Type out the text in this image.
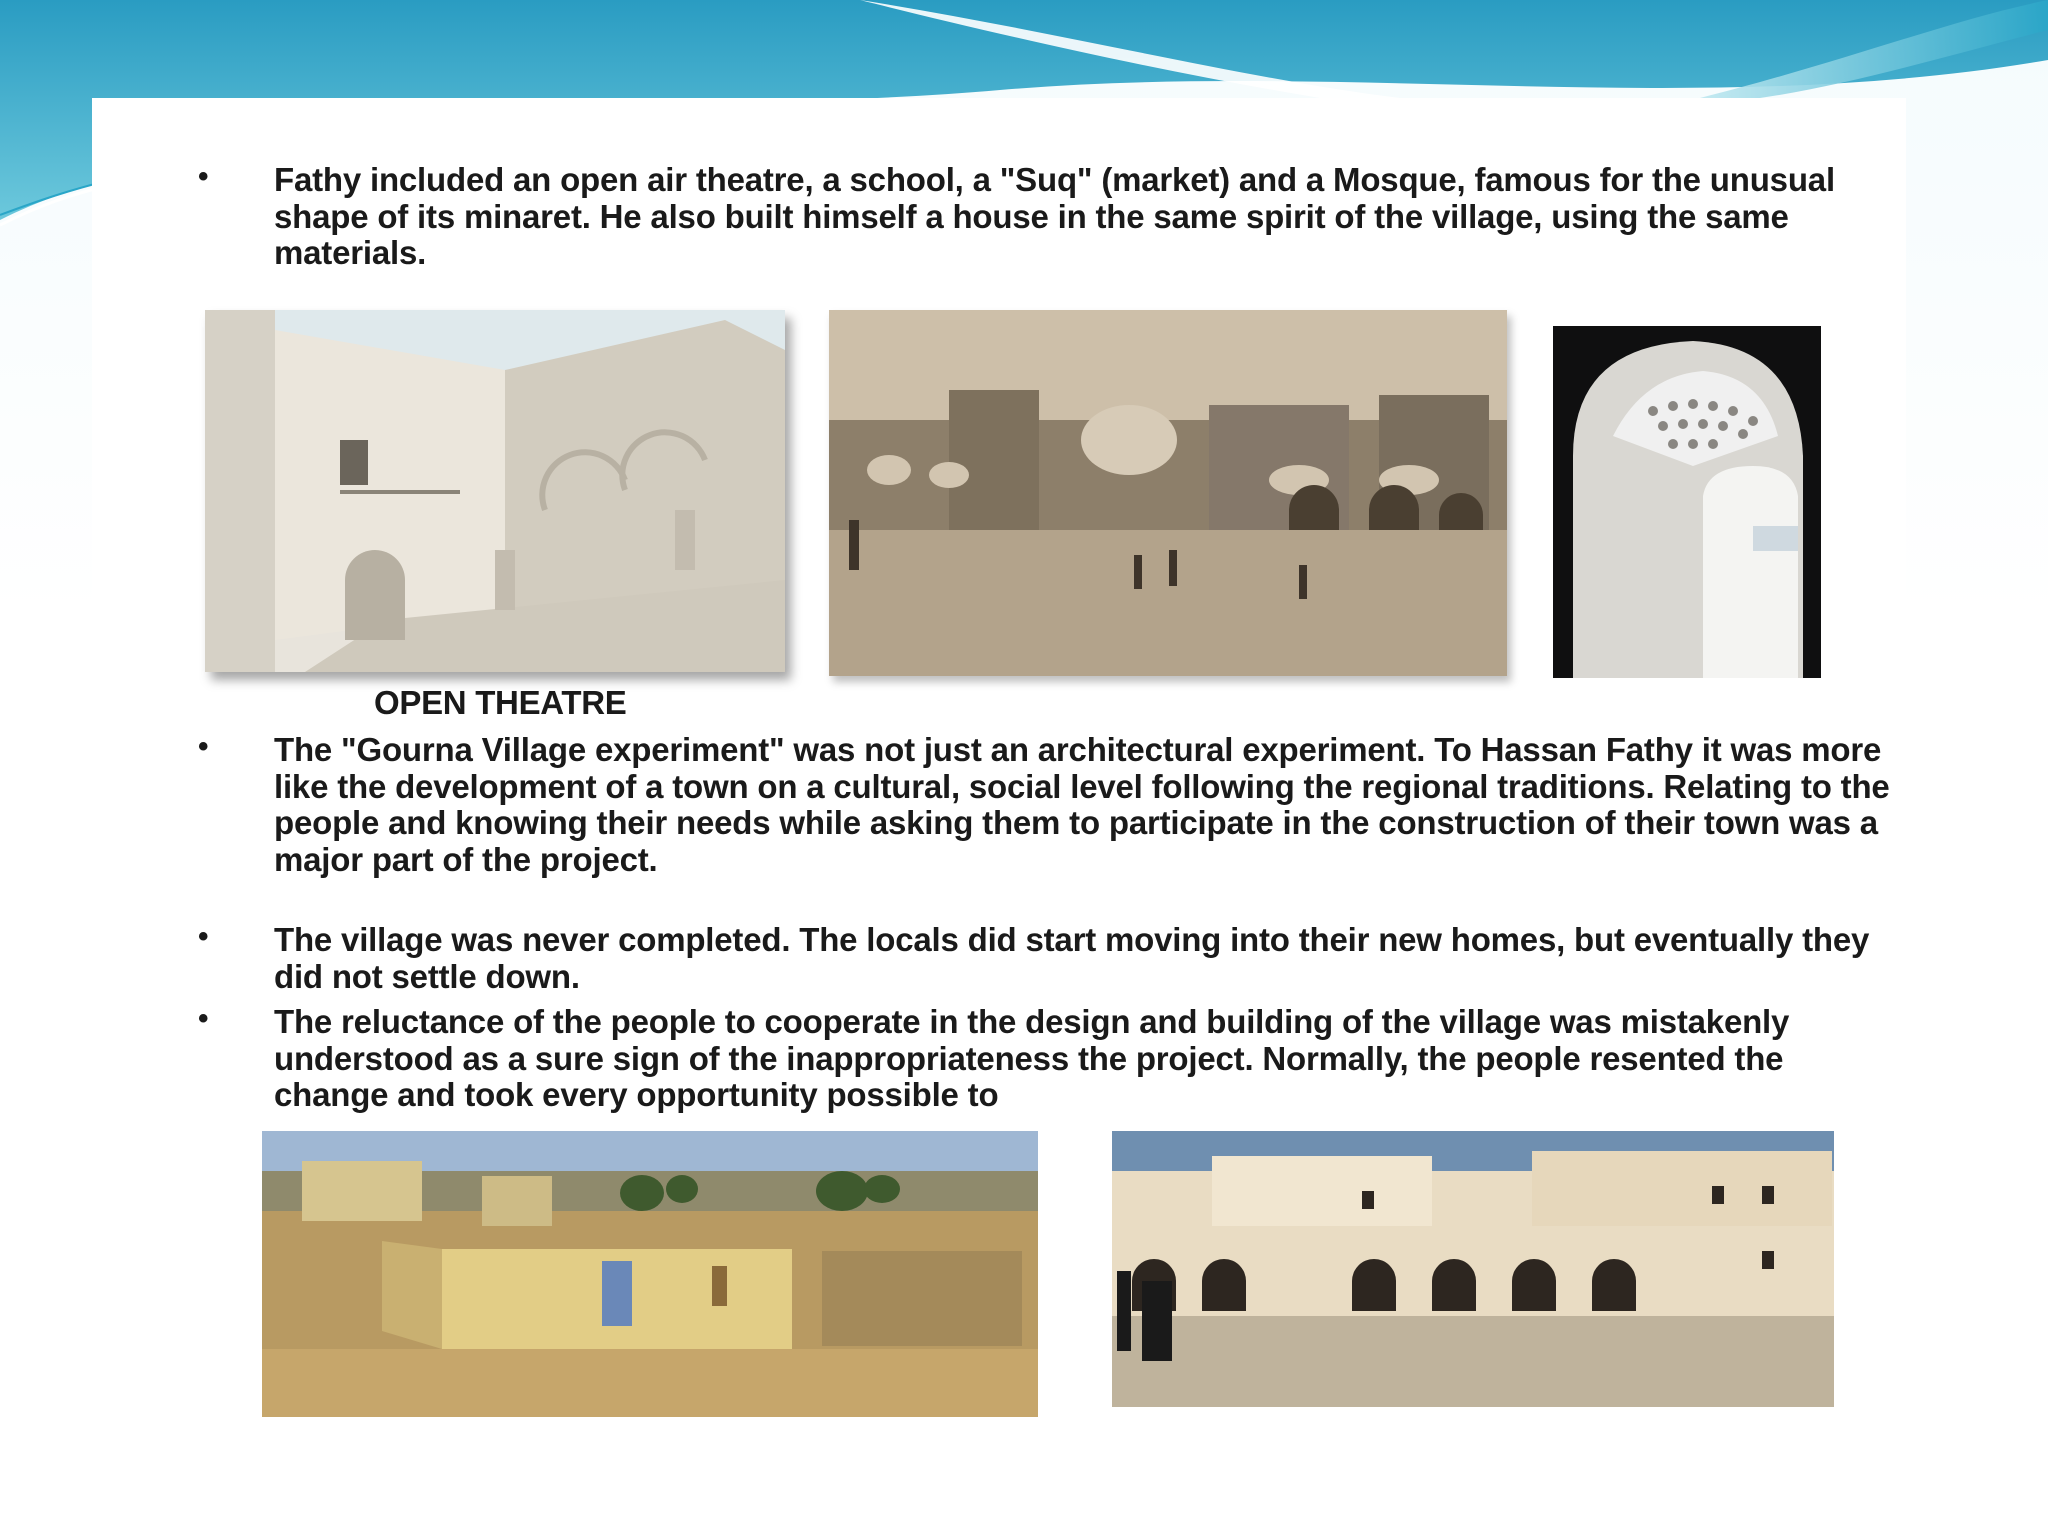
• Fathy included an open air theatre, a school, a "Suq" (market) and a Mosque, famous for the unusual shape of its minaret. He also built himself a house in the same spirit of the village, using the same materials.
OPEN THEATRE
• The "Gourna Village experiment" was not just an architectural experiment. To Hassan Fathy it was more like the development of a town on a cultural, social level following the regional traditions. Relating to the people and knowing their needs while asking them to participate in the construction of their town was a major part of the project.
• The village was never completed. The locals did start moving into their new homes, but eventually they did not settle down.
• The reluctance of the people to cooperate in the design and building of the village was mistakenly understood as a sure sign of the inappropriateness the project. Normally, the people resented the change and took every opportunity possible to
